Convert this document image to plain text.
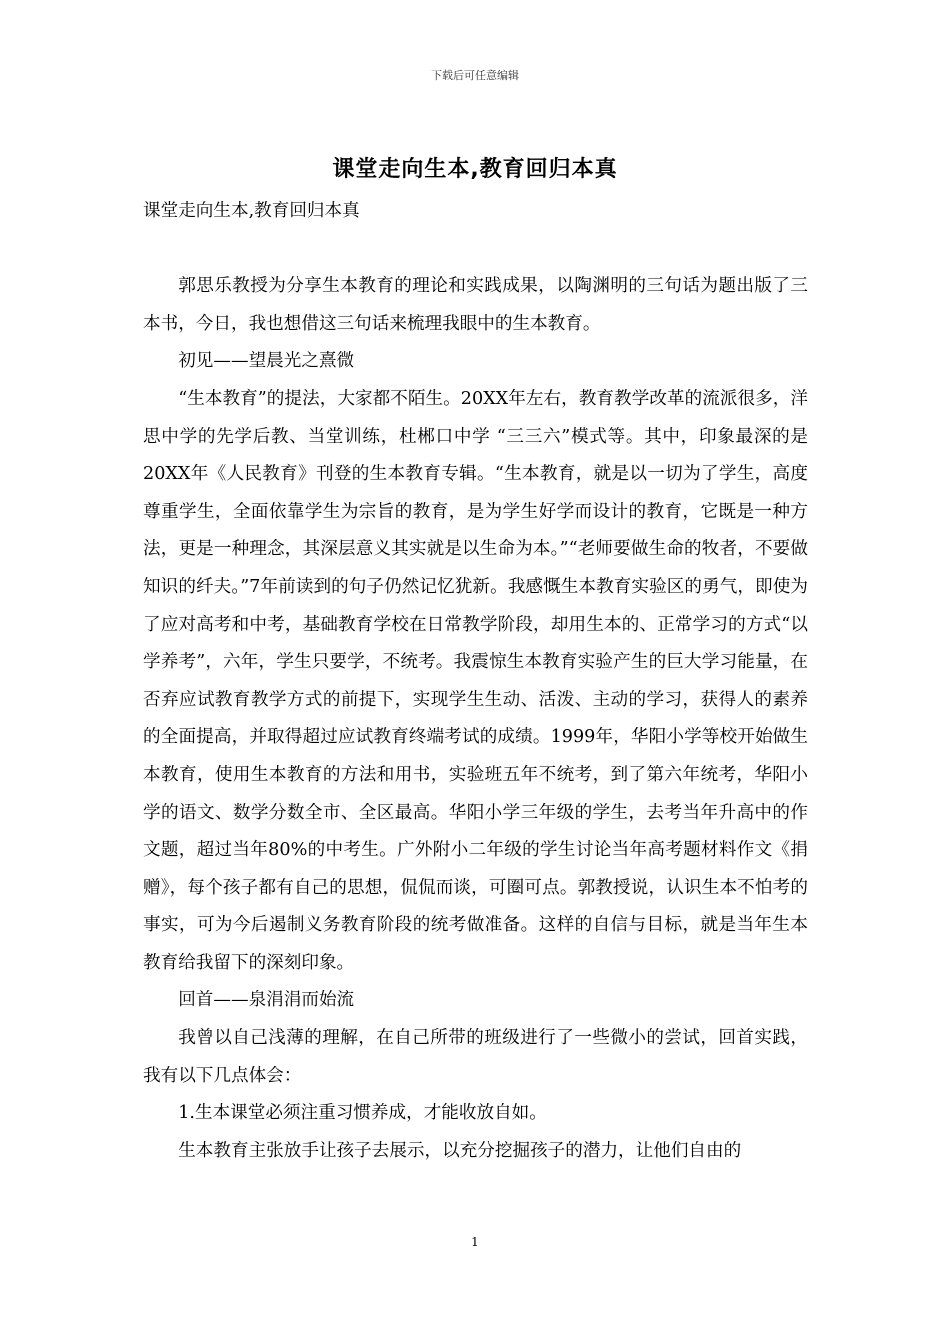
下载后可任意编辑
课堂走向生本,教育回归本真

课堂走向生本,教育回归本真

郭思乐教授为分享生本教育的理论和实践成果，以陶渊明的三句话为题出版了三本书，今日，我也想借这三句话来梳理我眼中的生本教育。

初见——望晨光之熹微

“生本教育”的提法，大家都不陌生。20XX年左右，教育教学改革的流派很多，洋思中学的先学后教、当堂训练，杜郴口中学 “三三六”模式等。其中，印象最深的是20XX年《人民教育》刊登的生本教育专辑。“生本教育，就是以一切为了学生，高度尊重学生，全面依靠学生为宗旨的教育，是为学生好学而设计的教育，它既是一种方法，更是一种理念，其深层意义其实就是以生命为本。”“老师要做生命的牧者，不要做知识的纤夫。”7年前读到的句子仍然记忆犹新。我感慨生本教育实验区的勇气，即使为了应对高考和中考，基础教育学校在日常教学阶段，却用生本的、正常学习的方式“以学养考”，六年，学生只要学，不统考。我震惊生本教育实验产生的巨大学习能量，在否弃应试教育教学方式的前提下，实现学生生动、活泼、主动的学习，获得人的素养的全面提高，并取得超过应试教育终端考试的成绩。1999年，华阳小学等校开始做生本教育，使用生本教育的方法和用书，实验班五年不统考，到了第六年统考，华阳小学的语文、数学分数全市、全区最高。华阳小学三年级的学生，去考当年升高中的作文题，超过当年80%的中考生。广外附小二年级的学生讨论当年高考题材料作文《捐赠》，每个孩子都有自己的思想，侃侃而谈，可圈可点。郭教授说，认识生本不怕考的事实，可为今后遏制义务教育阶段的统考做准备。这样的自信与目标，就是当年生本教育给我留下的深刻印象。

回首——泉涓涓而始流

我曾以自己浅薄的理解，在自己所带的班级进行了一些微小的尝试，回首实践，我有以下几点体会：

1.生本课堂必须注重习惯养成，才能收放自如。

生本教育主张放手让孩子去展示，以充分挖掘孩子的潜力，让他们自由的

1
